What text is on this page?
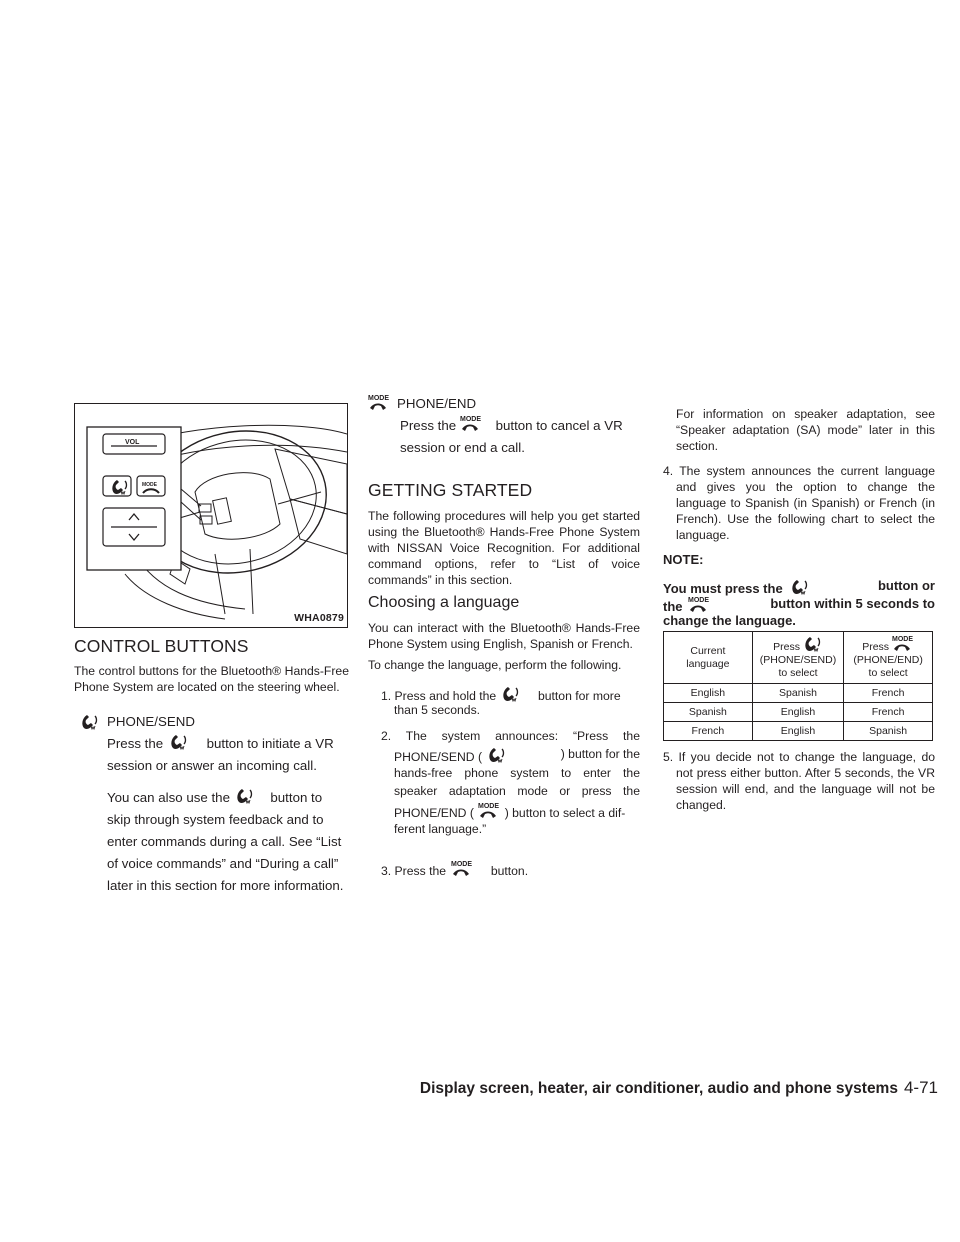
VOL
MODE
WHA0879
CONTROL BUTTONS

The control buttons for the Bluetooth® Hands-Free Phone System are located on the steering wheel.

PHONE/SEND
Press the	button to initiate a VR
session or answer an incoming call.
You can also use the	button to
skip through system feedback and to
enter commands during a call. See “List
of voice commands” and “During a call”
later in this section for more information.
PHONE/END
Press the	button to cancel a VR
session or end a call.
GETTING STARTED

The following procedures will help you get started using the Bluetooth® Hands-Free Phone System with NISSAN Voice Recognition. For additional command options, refer to “List of voice commands” in this section.

Choosing a language

You can interact with the Bluetooth® Hands-Free Phone System using English, Spanish or French.

To change the language, perform the following.

1. Press and hold the	button for more
than 5 seconds.
2. The system announces: “Press the
PHONE/SEND (	) button for the
hands-free phone system to enter the
speaker adaptation mode or press the
PHONE/END (	) button to select a dif-
ferent language.”
3. Press the	button.

For information on speaker adaptation, see “Speaker adaptation (SA) mode” later in this section.

4. The system announces the current language and gives you the option to change the language to Spanish (in Spanish) or French (in French). Use the following chart to select the language.

NOTE:
You must press the	button or
the	button within 5 seconds to
change the language.
Current
language	Press
(PHONE/SEND)
to select	Press
(PHONE/END)
to select
English	Spanish	French
Spanish	English	French
French	English	Spanish

5. If you decide not to change the language, do not press either button. After 5 seconds, the VR session will end, and the language will not be changed.

Display screen, heater, air conditioner, audio and phone systems 4-71
